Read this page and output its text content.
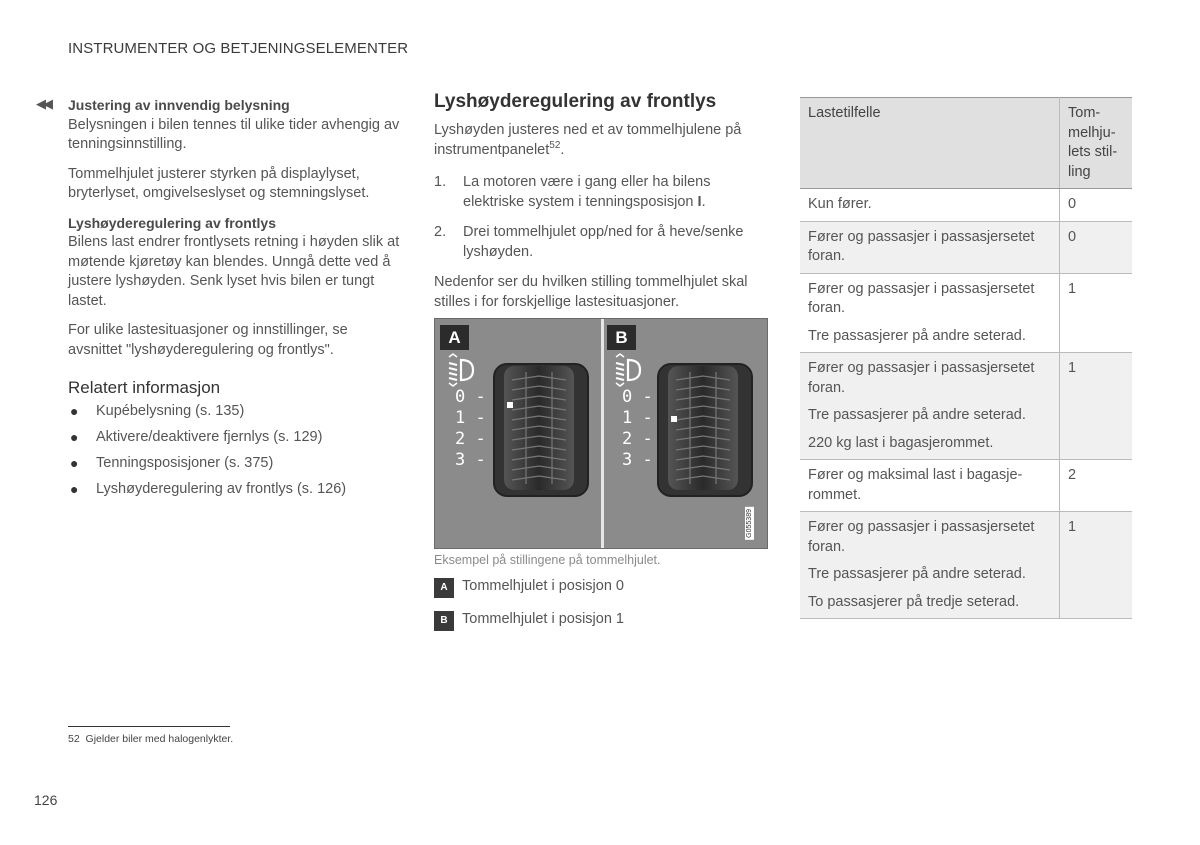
INSTRUMENTER OG BETJENINGSELEMENTER
◀◀ Justering av innvendig belysning

Belysningen i bilen tennes til ulike tider avhengig av tenningsinnstilling.

Tommelhjulet justerer styrken på displaylyset, bryterlyset, omgivelseslyset og stemningslyset.

Lyshøyderegulering av frontlys

Bilens last endrer frontlysets retning i høyden slik at møtende kjøretøy kan blendes. Unngå dette ved å justere lyshøyden. Senk lyset hvis bilen er tungt lastet.

For ulike lastesituasjoner og innstillinger, se avsnittet "lyshøyderegulering og frontlys".

Relatert informasjon
● Kupébelysning (s. 135)
● Aktivere/deaktivere fjernlys (s. 129)
● Tenningsposisjoner (s. 375)
● Lyshøyderegulering av frontlys (s. 126)
Lyshøyderegulering av frontlys
Lyshøyden justeres ned et av tommelhjulene på instrumentpanelet$^{52}$.
1. La motoren være i gang eller ha bilens elektriske system i tenningsposisjon I.
2. Drei tommelhjulet opp/ned for å heve/senke lyshøyden.
Nedenfor ser du hvilken stilling tommelhjulet skal stilles i for forskjellige lastesituasjoner.
A
0 -
1 -
2 -
3 -
B
0 -
1 -
2 -
3 -
G055389
Eksempel på stillingene på tommelhjulet.
A Tommelhjulet i posisjon 0
B Tommelhjulet i posisjon 1
Lastetilfelle	Tom-
melhju-
lets stil-
ling

Kun fører.	0

Fører og passasjer i passasjersetet foran.	0

Fører og passasjer i passasjersetet foran.
Tre passasjerer på andre seterad.	1

Fører og passasjer i passasjersetet foran.
Tre passasjerer på andre seterad.
220 kg last i bagasjerommet.	1

Fører og maksimal last i bagasje-rommet.	2

Fører og passasjer i passasjersetet foran.
Tre passasjerer på andre seterad.
To passasjerer på tredje seterad.	1
52 Gjelder biler med halogenlykter.
126
